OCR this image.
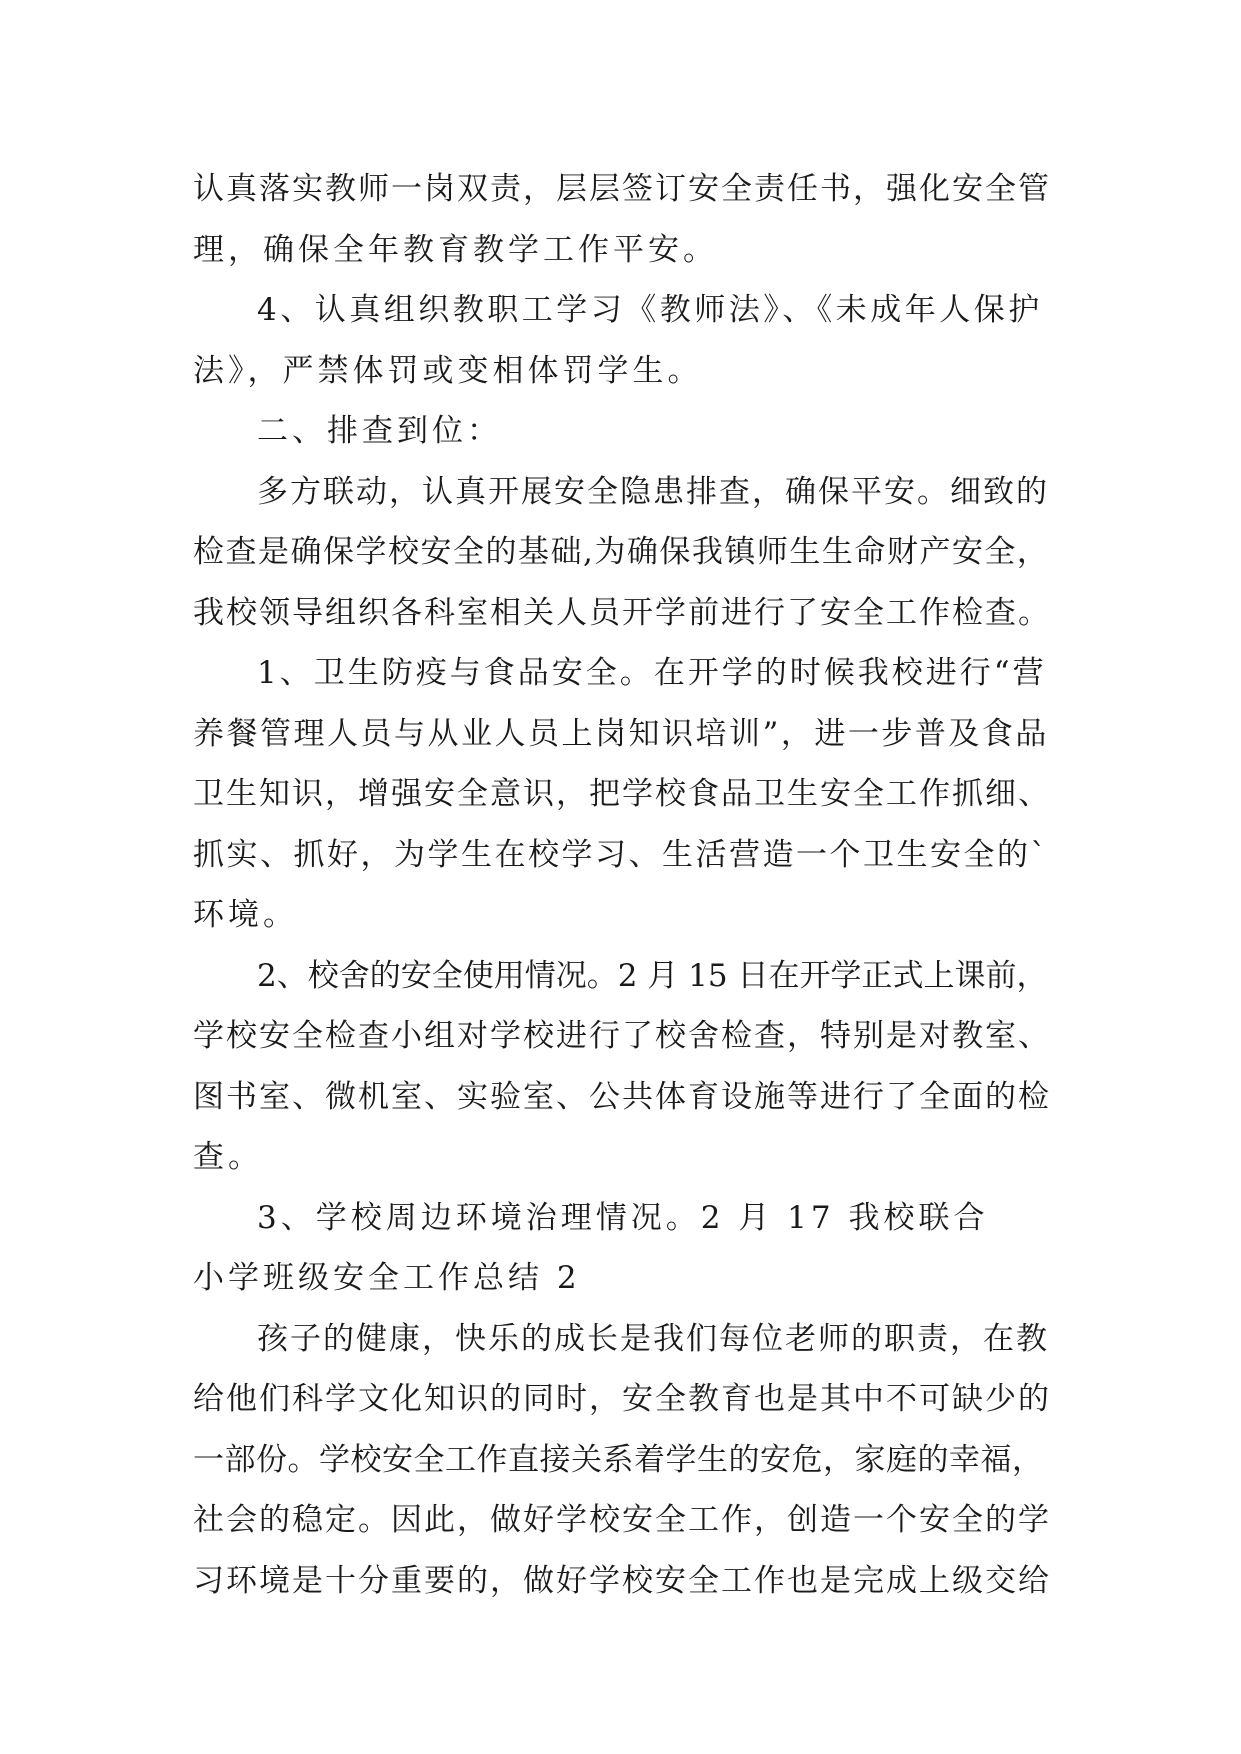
认真落实教师一岗双责，层层签订安全责任书，强化安全管
理，确保全年教育教学工作平安。
4、认真组织教职工学习《教师法》、《未成年人保护
法》，严禁体罚或变相体罚学生。
二、排查到位：
多方联动，认真开展安全隐患排查，确保平安。细致的
检查是确保学校安全的基础,为确保我镇师生生命财产安全，
我校领导组织各科室相关人员开学前进行了安全工作检查。
1、卫生防疫与食品安全。在开学的时候我校进行“营
养餐管理人员与从业人员上岗知识培训”，进一步普及食品
卫生知识，增强安全意识，把学校食品卫生安全工作抓细、
抓实、抓好，为学生在校学习、生活营造一个卫生安全的`
环境。
2、校舍的安全使用情况。2 月 15 日在开学正式上课前，
学校安全检查小组对学校进行了校舍检查，特别是对教室、
图书室、微机室、实验室、公共体育设施等进行了全面的检
查。
3、学校周边环境治理情况。2 月 17 我校联合
小学班级安全工作总结 2
孩子的健康，快乐的成长是我们每位老师的职责，在教
给他们科学文化知识的同时，安全教育也是其中不可缺少的
一部份。学校安全工作直接关系着学生的安危，家庭的幸福，
社会的稳定。因此，做好学校安全工作，创造一个安全的学
习环境是十分重要的，做好学校安全工作也是完成上级交给
